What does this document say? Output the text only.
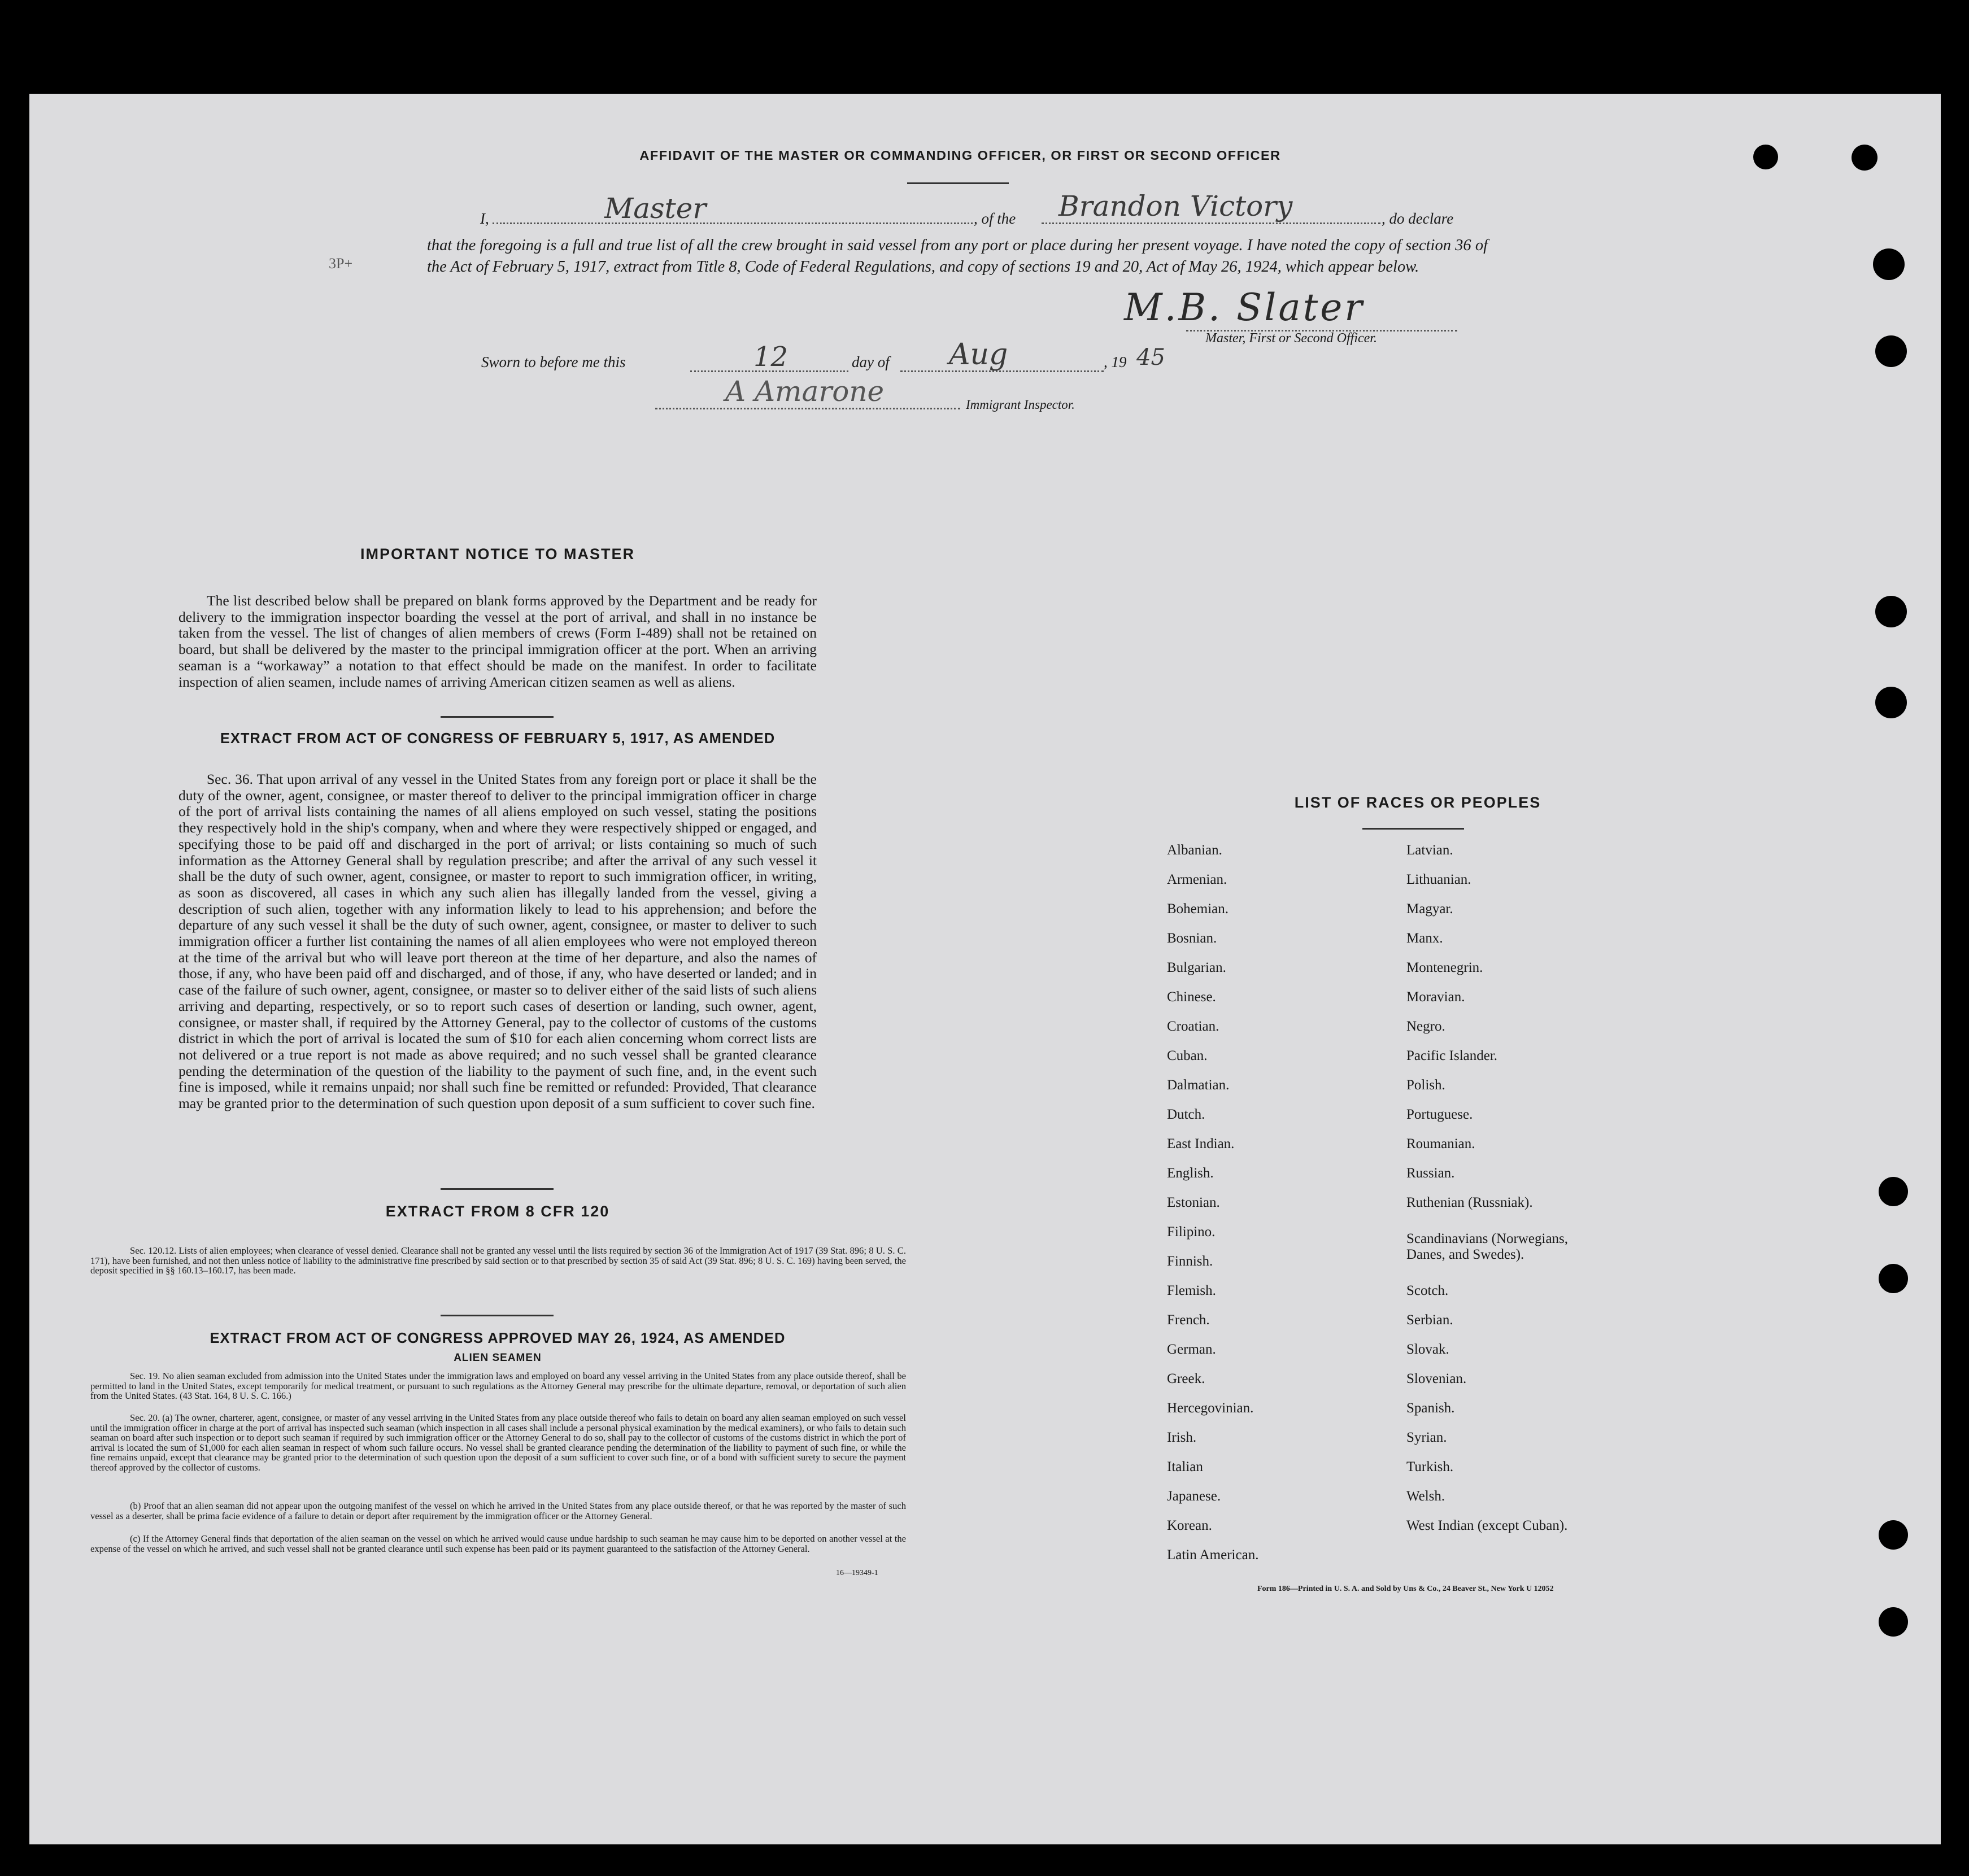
AFFIDAVIT OF THE MASTER OR COMMANDING OFFICER, OR FIRST OR SECOND OFFICER
I,	Master	, of the Brandon Victory	, do declare
that the foregoing is a full and true list of all the crew brought in said vessel from any port or place during her present voyage. I have noted the copy of section 36 of the Act of February 5, 1917, extract from Title 8, Code of Federal Regulations, and copy of sections 19 and 20, Act of May 26, 1924, which appear below.
3P+
M.B. Slater
Master, First or Second Officer.
Sworn to before me this	12	day of Aug	, 19 45
A Amarone	Immigrant Inspector.
IMPORTANT NOTICE TO MASTER
The list described below shall be prepared on blank forms approved by the Department and be ready for delivery to the immigration inspector boarding the vessel at the port of arrival, and shall in no instance be taken from the vessel. The list of changes of alien members of crews (Form I-489) shall not be retained on board, but shall be delivered by the master to the principal immigration officer at the port. When an arriving seaman is a “workaway” a notation to that effect should be made on the manifest. In order to facilitate inspection of alien seamen, include names of arriving American citizen seamen as well as aliens.
EXTRACT FROM ACT OF CONGRESS OF FEBRUARY 5, 1917, AS AMENDED
Sec. 36. That upon arrival of any vessel in the United States from any foreign port or place it shall be the duty of the owner, agent, consignee, or master thereof to deliver to the principal immigration officer in charge of the port of arrival lists containing the names of all aliens employed on such vessel, stating the positions they respectively hold in the ship's company, when and where they were respectively shipped or engaged, and specifying those to be paid off and discharged in the port of arrival; or lists containing so much of such information as the Attorney General shall by regulation prescribe; and after the arrival of any such vessel it shall be the duty of such owner, agent, consignee, or master to report to such immigration officer, in writing, as soon as discovered, all cases in which any such alien has illegally landed from the vessel, giving a description of such alien, together with any information likely to lead to his apprehension; and before the departure of any such vessel it shall be the duty of such owner, agent, consignee, or master to deliver to such immigration officer a further list containing the names of all alien employees who were not employed thereon at the time of the arrival but who will leave port thereon at the time of her departure, and also the names of those, if any, who have been paid off and discharged, and of those, if any, who have deserted or landed; and in case of the failure of such owner, agent, consignee, or master so to deliver either of the said lists of such aliens arriving and departing, respectively, or so to report such cases of desertion or landing, such owner, agent, consignee, or master shall, if required by the Attorney General, pay to the collector of customs of the customs district in which the port of arrival is located the sum of $10 for each alien concerning whom correct lists are not delivered or a true report is not made as above required; and no such vessel shall be granted clearance pending the determination of the question of the liability to the payment of such fine, and, in the event such fine is imposed, while it remains unpaid; nor shall such fine be remitted or refunded: Provided, That clearance may be granted prior to the determination of such question upon deposit of a sum sufficient to cover such fine.
EXTRACT FROM 8 CFR 120
Sec. 120.12. Lists of alien employees; when clearance of vessel denied. Clearance shall not be granted any vessel until the lists required by section 36 of the Immigration Act of 1917 (39 Stat. 896; 8 U. S. C. 171), have been furnished, and not then unless notice of liability to the administrative fine prescribed by said section or to that prescribed by section 35 of said Act (39 Stat. 896; 8 U. S. C. 169) having been served, the deposit specified in §§ 160.13–160.17, has been made.
EXTRACT FROM ACT OF CONGRESS APPROVED MAY 26, 1924, AS AMENDED
ALIEN SEAMEN
Sec. 19. No alien seaman excluded from admission into the United States under the immigration laws and employed on board any vessel arriving in the United States from any place outside thereof, shall be permitted to land in the United States, except temporarily for medical treatment, or pursuant to such regulations as the Attorney General may prescribe for the ultimate departure, removal, or deportation of such alien from the United States. (43 Stat. 164, 8 U. S. C. 166.)
Sec. 20. (a) The owner, charterer, agent, consignee, or master of any vessel arriving in the United States from any place outside thereof who fails to detain on board any alien seaman employed on such vessel until the immigration officer in charge at the port of arrival has inspected such seaman (which inspection in all cases shall include a personal physical examination by the medical examiners), or who fails to detain such seaman on board after such inspection or to deport such seaman if required by such immigration officer or the Attorney General to do so, shall pay to the collector of customs of the customs district in which the port of arrival is located the sum of $1,000 for each alien seaman in respect of whom such failure occurs. No vessel shall be granted clearance pending the determination of the liability to payment of such fine, or while the fine remains unpaid, except that clearance may be granted prior to the determination of such question upon the deposit of a sum sufficient to cover such fine, or of a bond with sufficient surety to secure the payment thereof approved by the collector of customs.
(b) Proof that an alien seaman did not appear upon the outgoing manifest of the vessel on which he arrived in the United States from any place outside thereof, or that he was reported by the master of such vessel as a deserter, shall be prima facie evidence of a failure to detain or deport after requirement by the immigration officer or the Attorney General.
(c) If the Attorney General finds that deportation of the alien seaman on the vessel on which he arrived would cause undue hardship to such seaman he may cause him to be deported on another vessel at the expense of the vessel on which he arrived, and such vessel shall not be granted clearance until such expense has been paid or its payment guaranteed to the satisfaction of the Attorney General.
16—19349-1
LIST OF RACES OR PEOPLES
Albanian.
Armenian.
Bohemian.
Bosnian.
Bulgarian.
Chinese.
Croatian.
Cuban.
Dalmatian.
Dutch.
East Indian.
English.
Estonian.
Filipino.
Finnish.
Flemish.
French.
German.
Greek.
Hercegovinian.
Irish.
Italian
Japanese.
Korean.
Latin American.
Latvian.
Lithuanian.
Magyar.
Manx.
Montenegrin.
Moravian.
Negro.
Pacific Islander.
Polish.
Portuguese.
Roumanian.
Russian.
Ruthenian (Russniak).
Scandinavians (Norwegians, Danes, and Swedes).
Scotch.
Serbian.
Slovak.
Slovenian.
Spanish.
Syrian.
Turkish.
Welsh.
West Indian (except Cuban).
Form 186—Printed in U. S. A. and Sold by Uns & Co., 24 Beaver St., New York U 12052
